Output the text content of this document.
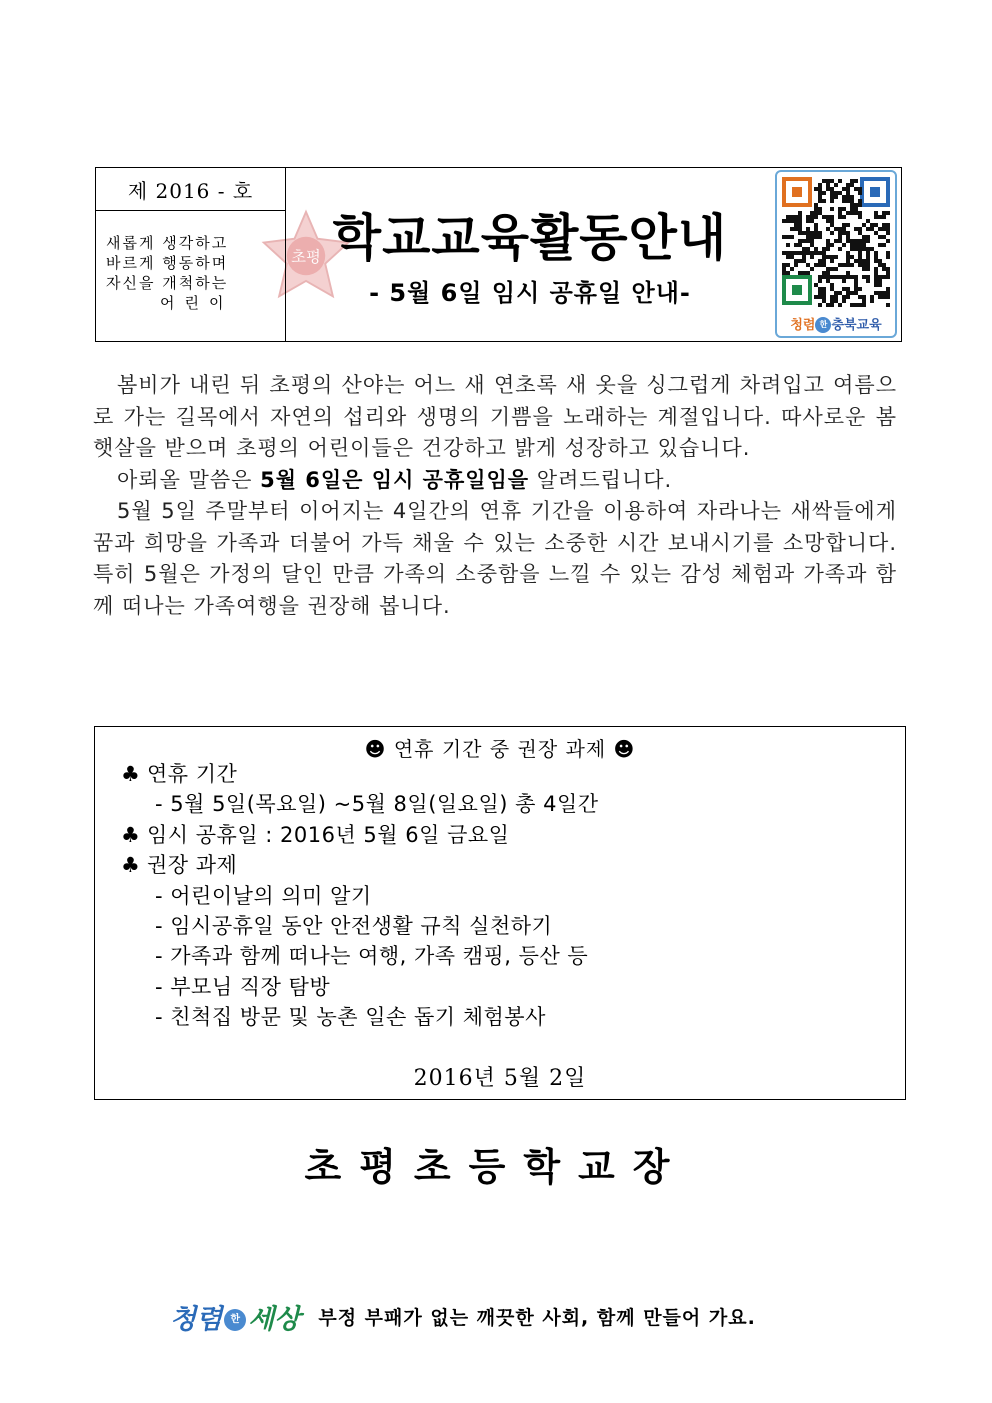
초평
제 2016 - 호
새롭게 생각하고
바르게 행동하며
자신을 개척하는
어린이
학교교육활동안내
- 5월 6일 임시 공휴일 안내-
청렴 한 충북교육

봄비가 내린 뒤 초평의 산야는 어느 새 연초록 새 옷을 싱그럽게 차려입고 여름으로 가는 길목에서 자연의 섭리와 생명의 기쁨을 노래하는 계절입니다. 따사로운 봄 햇살을 받으며 초평의 어린이들은 건강하고 밝게 성장하고 있습니다.

아뢰올 말씀은 5월 6일은 임시 공휴일임을 알려드립니다.

5월 5일 주말부터 이어지는 4일간의 연휴 기간을 이용하여 자라나는 새싹들에게 꿈과 희망을 가족과 더불어 가득 채울 수 있는 소중한 시간 보내시기를 소망합니다. 특히 5월은 가정의 달인 만큼 가족의 소중함을 느낄 수 있는 감성 체험과 가족과 함께 떠나는 가족여행을 권장해 봅니다.

☻ 연휴 기간 중 권장 과제 ☻
♣ 연휴 기간
- 5월 5일(목요일) ~5월 8일(일요일) 총 4일간
♣ 임시 공휴일 : 2016년 5월 6일 금요일
♣ 권장 과제
- 어린이날의 의미 알기
- 임시공휴일 동안 안전생활 규칙 실천하기
- 가족과 함께 떠나는 여행, 가족 캠핑, 등산 등
- 부모님 직장 탐방
- 친척집 방문 및 농촌 일손 돕기 체험봉사
2016년 5월 2일
초평초등학교장
청렴 한 세상 부정 부패가 없는 깨끗한 사회, 함께 만들어 가요.
